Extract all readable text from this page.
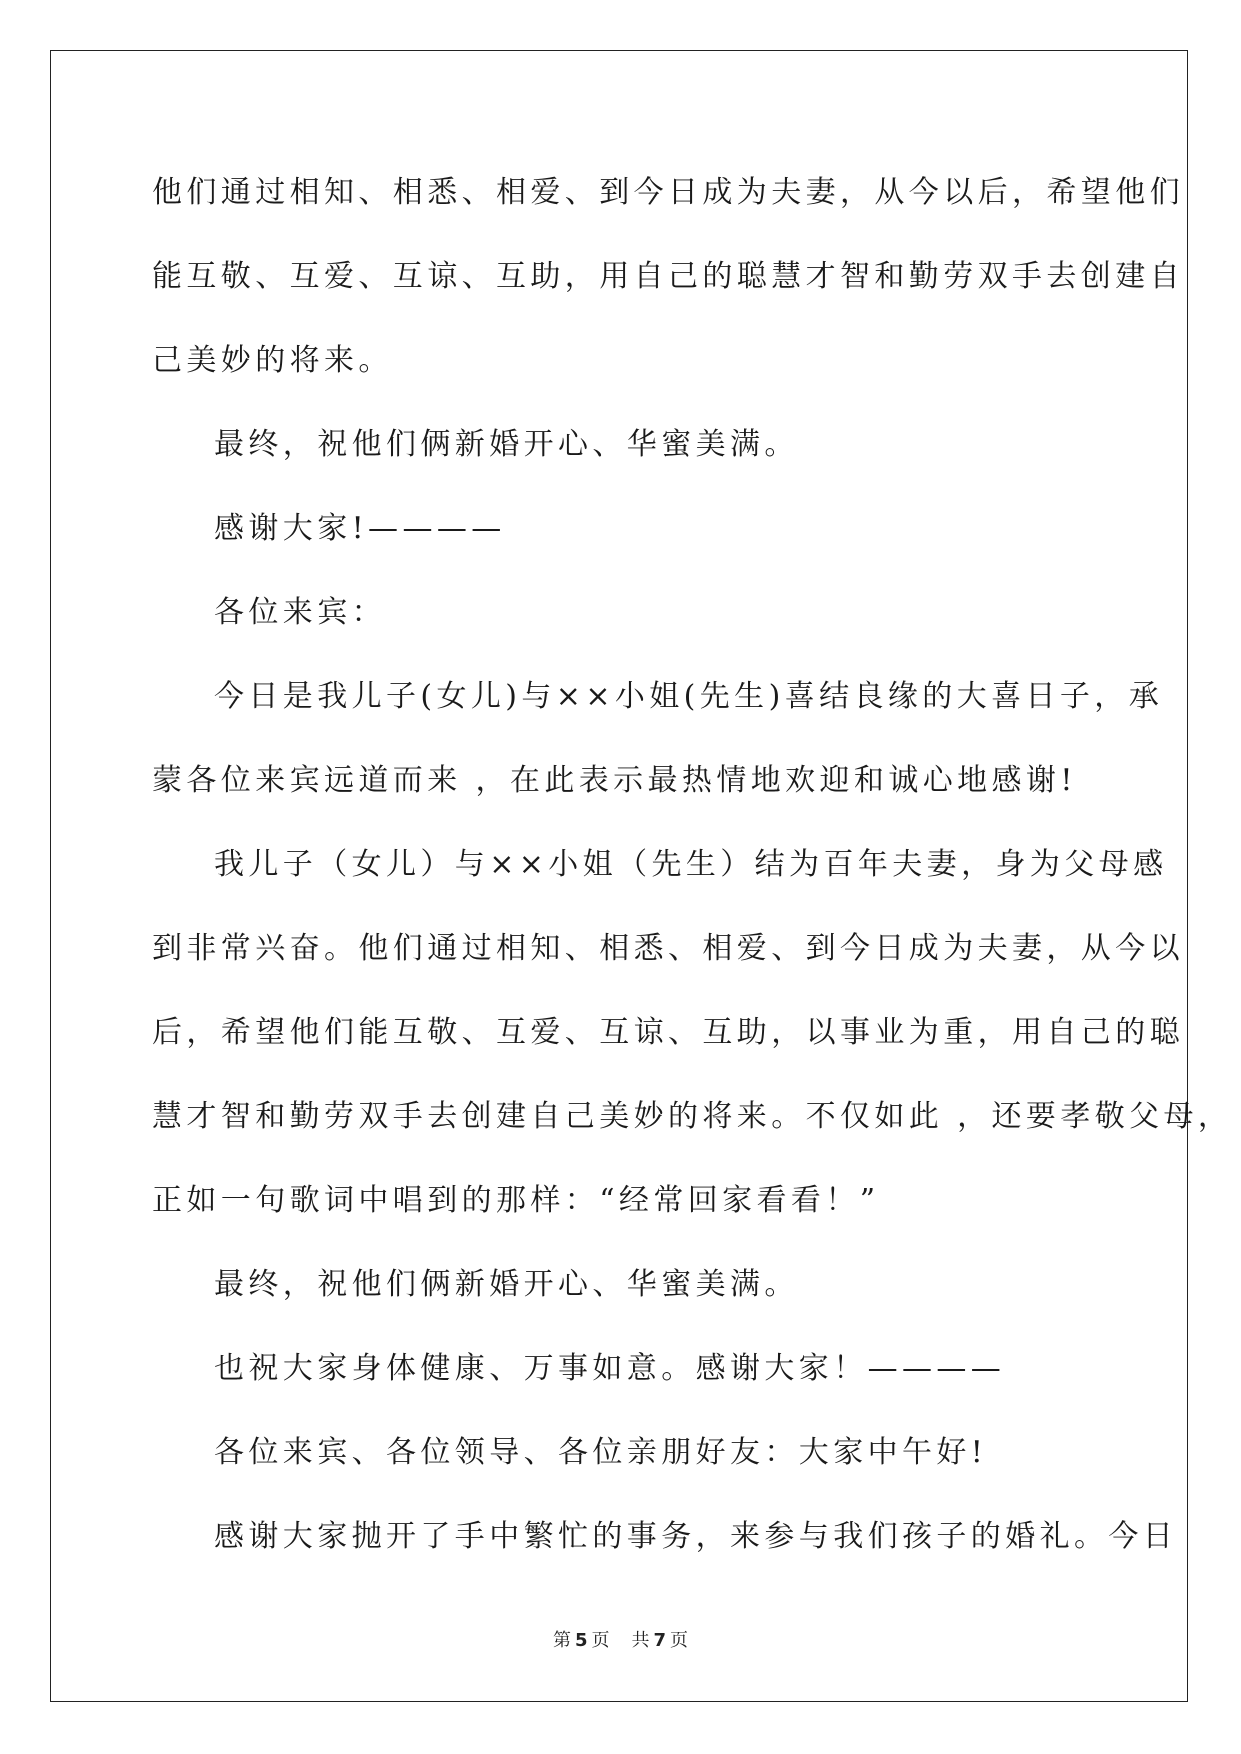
他们通过相知、相悉、相爱、到今日成为夫妻，从今以后，希望他们
能互敬、互爱、互谅、互助，用自己的聪慧才智和勤劳双手去创建自
己美妙的将来。
最终，祝他们俩新婚开心、华蜜美满。
感谢大家!————
各位来宾：
今日是我儿子(女儿)与××小姐(先生)喜结良缘的大喜日子，承
蒙各位来宾远道而来 ，在此表示最热情地欢迎和诚心地感谢!
我儿子（女儿）与××小姐（先生）结为百年夫妻，身为父母感
到非常兴奋。他们通过相知、相悉、相爱、到今日成为夫妻，从今以
后，希望他们能互敬、互爱、互谅、互助，以事业为重，用自己的聪
慧才智和勤劳双手去创建自己美妙的将来。不仅如此 ，还要孝敬父母，
正如一句歌词中唱到的那样：“经常回家看看！”
最终，祝他们俩新婚开心、华蜜美满。
也祝大家身体健康、万事如意。感谢大家！————
各位来宾、各位领导、各位亲朋好友：大家中午好!
感谢大家抛开了手中繁忙的事务，来参与我们孩子的婚礼。今日
第 5 页 共 7 页
